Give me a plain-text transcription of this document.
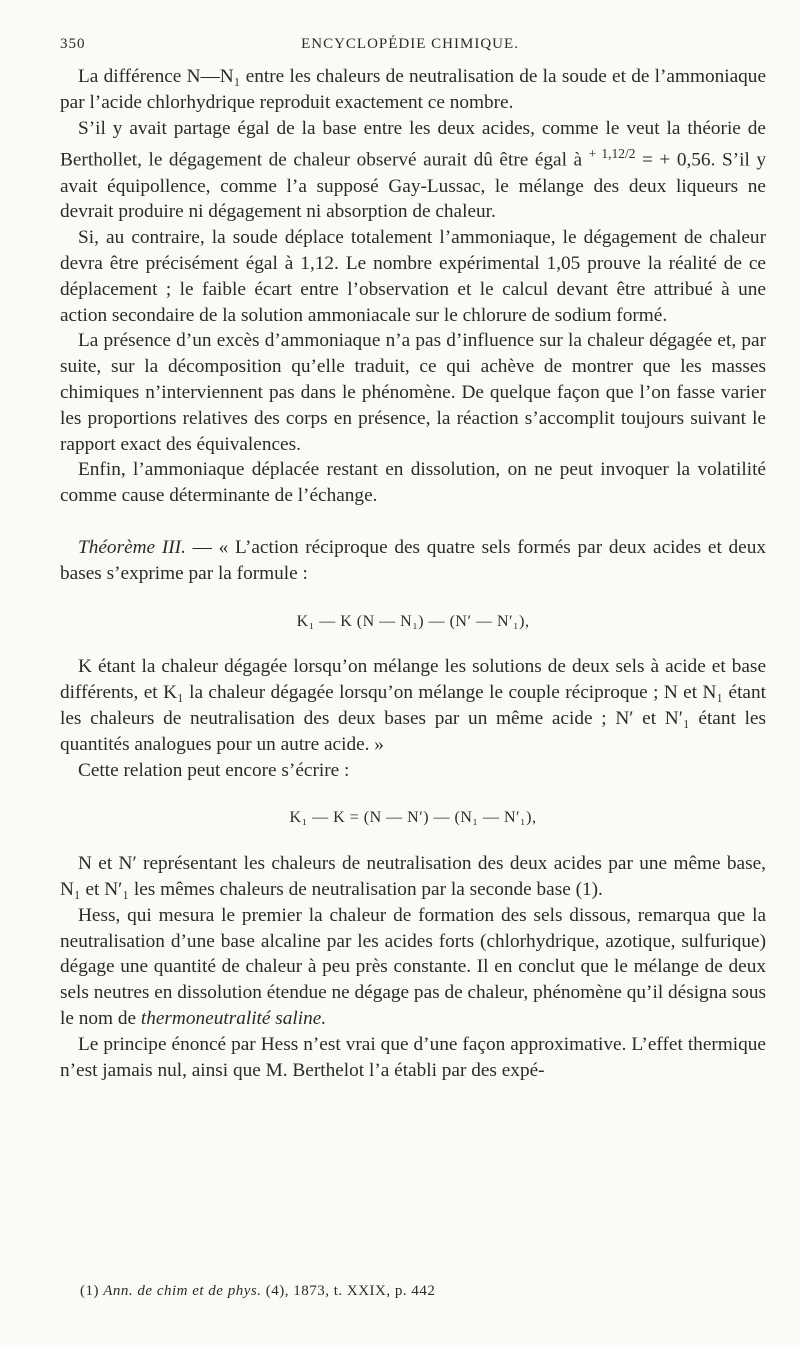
350	ENCYCLOPÉDIE CHIMIQUE.

La différence N—N₁ entre les chaleurs de neutralisation de la soude et de l’ammoniaque par l’acide chlorhydrique reproduit exactement ce nombre.

S’il y avait partage égal de la base entre les deux acides, comme le veut la théorie de Berthollet, le dégagement de chaleur observé aurait dû être égal à $^{+ 1,12/2}$ = + 0,56. S’il y avait équipollence, comme l’a supposé Gay-Lussac, le mélange des deux liqueurs ne devrait produire ni dégagement ni absorption de chaleur.

Si, au contraire, la soude déplace totalement l’ammoniaque, le dégagement de chaleur devra être précisément égal à 1,12. Le nombre expérimental 1,05 prouve la réalité de ce déplacement ; le faible écart entre l’observation et le calcul devant être attribué à une action secondaire de la solution ammoniacale sur le chlorure de sodium formé.

La présence d’un excès d’ammoniaque n’a pas d’influence sur la chaleur dégagée et, par suite, sur la décomposition qu’elle traduit, ce qui achève de montrer que les masses chimiques n’interviennent pas dans le phénomène. De quelque façon que l’on fasse varier les proportions relatives des corps en présence, la réaction s’accomplit toujours suivant le rapport exact des équivalences.

Enfin, l’ammoniaque déplacée restant en dissolution, on ne peut invoquer la volatilité comme cause déterminante de l’échange.

Théorème III. — « L’action réciproque des quatre sels formés par deux acides et deux bases s’exprime par la formule :

K₁ — K (N — N₁) — (N′ — N′₁),

K étant la chaleur dégagée lorsqu’on mélange les solutions de deux sels à acide et base différents, et K₁ la chaleur dégagée lorsqu’on mélange le couple réciproque ; N et N₁ étant les chaleurs de neutralisation des deux bases par un même acide ; N′ et N′₁ étant les quantités analogues pour un autre acide. »

Cette relation peut encore s’écrire :

K₁ — K = (N — N′) — (N₁ — N′₁),

N et N′ représentant les chaleurs de neutralisation des deux acides par une même base, N₁ et N′₁ les mêmes chaleurs de neutralisation par la seconde base (1).

Hess, qui mesura le premier la chaleur de formation des sels dissous, remarqua que la neutralisation d’une base alcaline par les acides forts (chlorhydrique, azotique, sulfurique) dégage une quantité de chaleur à peu près constante. Il en conclut que le mélange de deux sels neutres en dissolution étendue ne dégage pas de chaleur, phénomène qu’il désigna sous le nom de thermoneutralité saline.

Le principe énoncé par Hess n’est vrai que d’une façon approximative. L’effet thermique n’est jamais nul, ainsi que M. Berthelot l’a établi par des expé-

(1) Ann. de chim et de phys. (4), 1873, t. XXIX, p. 442
